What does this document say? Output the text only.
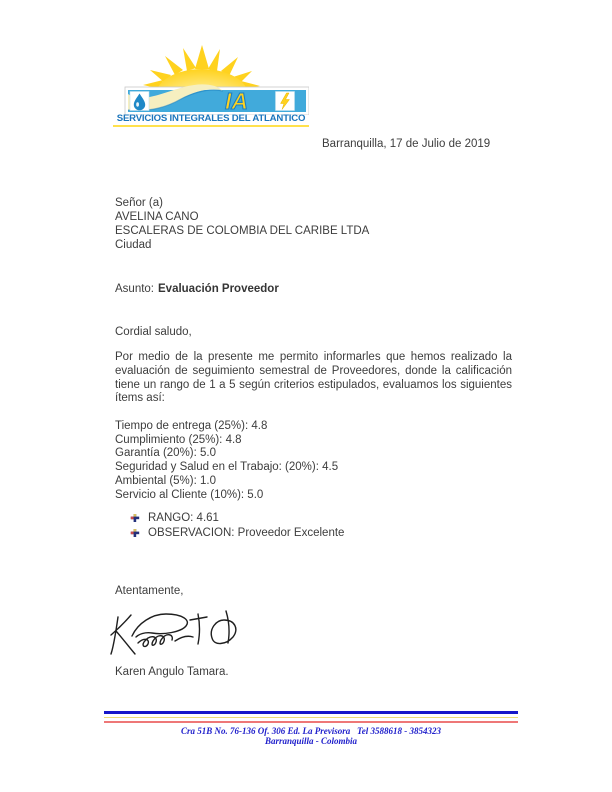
IA
SERVICIOS INTEGRALES DEL ATLANTICO
Barranquilla, 17 de Julio de 2019
Señor (a)
AVELINA CANO
ESCALERAS DE COLOMBIA DEL CARIBE LTDA
Ciudad
Asunto: Evaluación Proveedor
Cordial saludo,
Por medio de la presente me permito informarles que hemos realizado la evaluación de seguimiento semestral de Proveedores, donde la calificación tiene un rango de 1 a 5 según criterios estipulados, evaluamos los siguientes ítems así:
Tiempo de entrega (25%): 4.8
Cumplimiento (25%): 4.8
Garantía (20%): 5.0
Seguridad y Salud en el Trabajo: (20%): 4.5
Ambiental (5%): 1.0
Servicio al Cliente (10%): 5.0
RANGO: 4.61
OBSERVACION: Proveedor Excelente
Atentamente,
Karen Angulo Tamara.
Cra 51B No. 76-136 Of. 306 Ed. La Previsora   Tel 3588618 - 3854323
Barranquilla - Colombia
